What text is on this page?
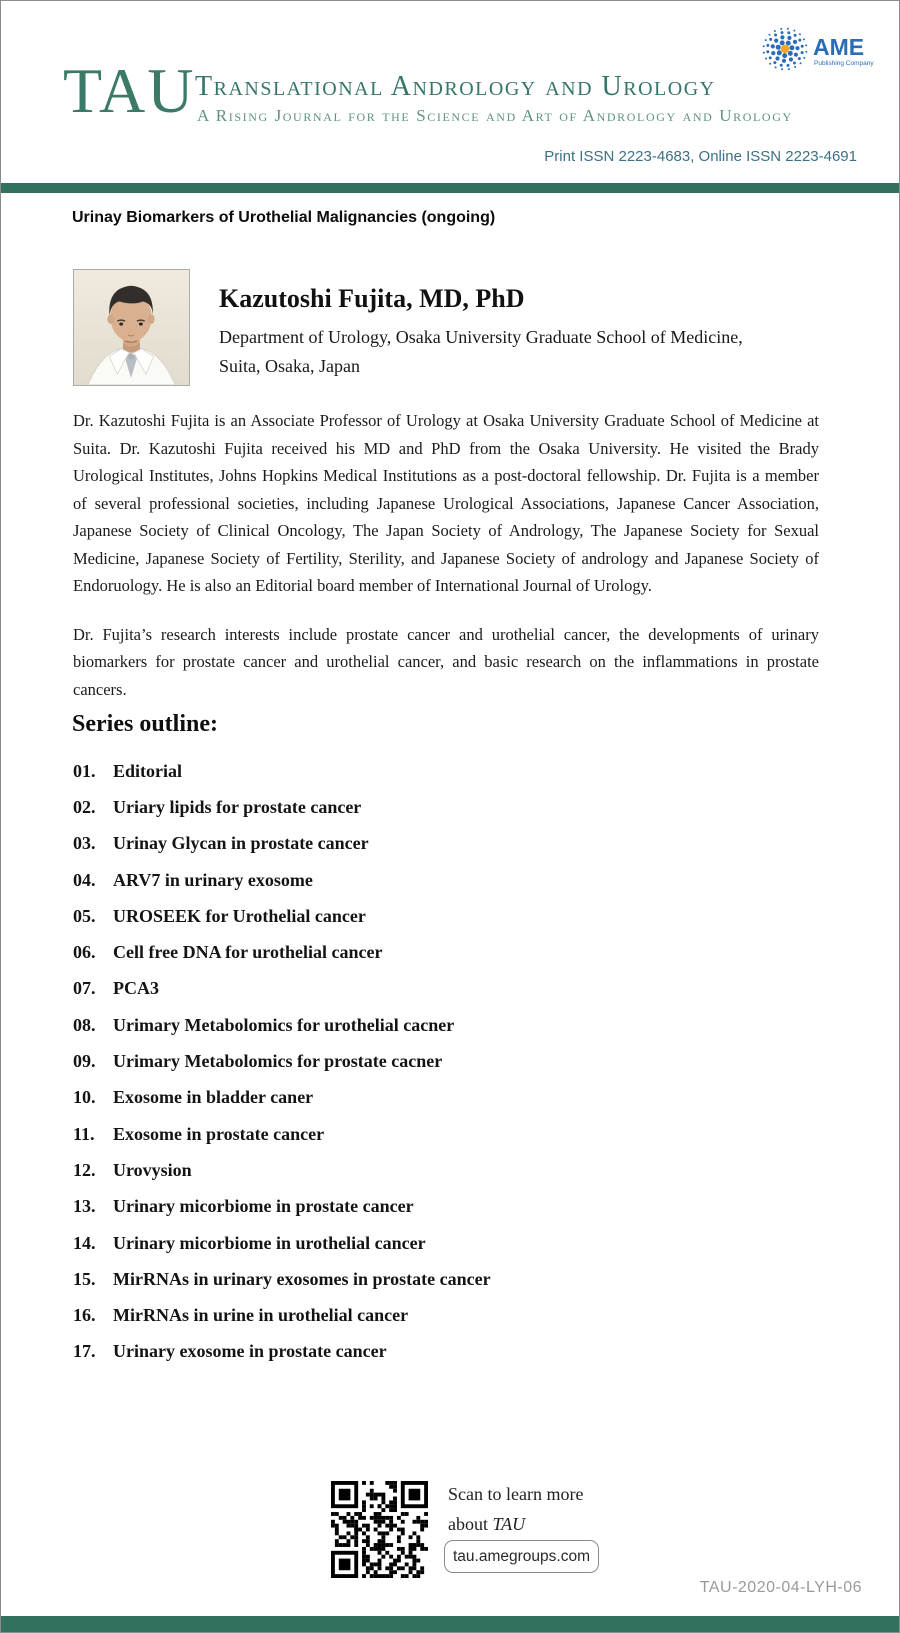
TAU Translational Andrology and Urology
A Rising Journal for the Science and Art of Andrology and Urology
AME
Publishing Company
Print ISSN 2223-4683, Online ISSN 2223-4691
Urinay Biomarkers of Urothelial Malignancies (ongoing)
Kazutoshi Fujita, MD, PhD
Department of Urology, Osaka University Graduate School of Medicine,
Suita, Osaka, Japan

Dr. Kazutoshi Fujita is an Associate Professor of Urology at Osaka University Graduate School of Medicine at Suita. Dr. Kazutoshi Fujita received his MD and PhD from the Osaka University. He visited the Brady Urological Institutes, Johns Hopkins Medical Institutions as a post-doctoral fellowship. Dr. Fujita is a member of several professional societies, including Japanese Urological Associations, Japanese Cancer Association, Japanese Society of Clinical Oncology, The Japan Society of Andrology, The Japanese Society for Sexual Medicine, Japanese Society of Fertility, Sterility, and Japanese Society of andrology and Japanese Society of Endoruology. He is also an Editorial board member of International Journal of Urology.

Dr. Fujita’s research interests include prostate cancer and urothelial cancer, the developments of urinary biomarkers for prostate cancer and urothelial cancer, and basic research on the inflammations in prostate cancers.

Series outline:
01. Editorial
02. Uriary lipids for prostate cancer
03. Urinay Glycan in prostate cancer
04. ARV7 in urinary exosome
05. UROSEEK for Urothelial cancer
06. Cell free DNA for urothelial cancer
07. PCA3
08. Urimary Metabolomics for urothelial cacner
09. Urimary Metabolomics for prostate cacner
10. Exosome in bladder caner
11.	Exosome in prostate cancer
12. Urovysion
13. Urinary micorbiome in prostate cancer
14. Urinary micorbiome in urothelial cancer
15. MirRNAs in urinary exosomes in prostate cancer
16. MirRNAs in urine in urothelial cancer
17. Urinary exosome in prostate cancer
Scan to learn more
about TAU
tau.amegroups.com
TAU-2020-04-LYH-06
